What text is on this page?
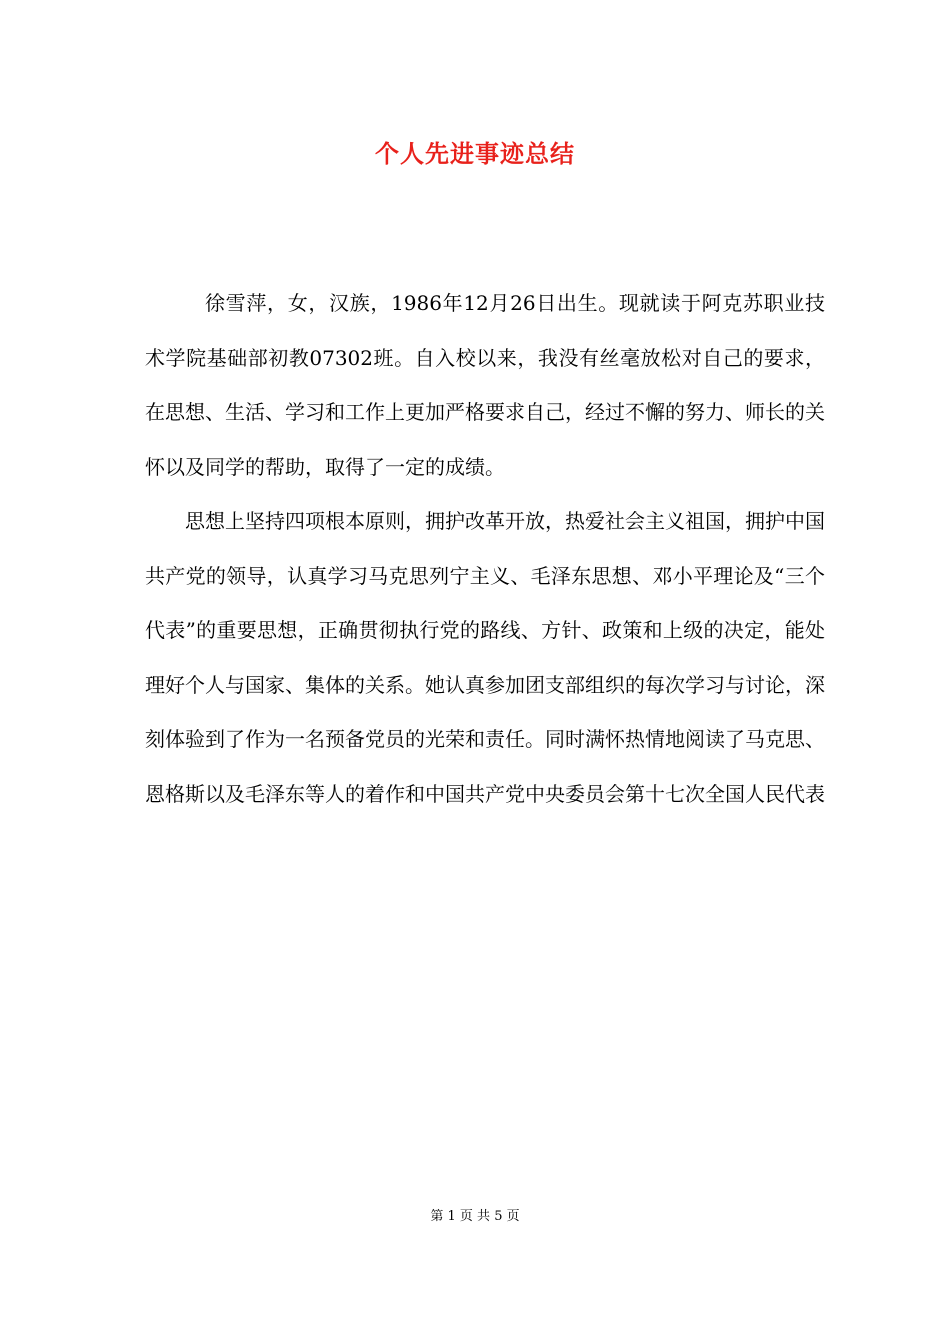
个人先进事迹总结

徐雪萍，女，汉族，1986年12月26日出生。现就读于阿克苏职业技术学院基础部初教07302班。自入校以来，我没有丝毫放松对自己的要求，在思想、生活、学习和工作上更加严格要求自己，经过不懈的努力、师长的关怀以及同学的帮助，取得了一定的成绩。

思想上坚持四项根本原则，拥护改革开放，热爱社会主义祖国，拥护中国共产党的领导，认真学习马克思列宁主义、毛泽东思想、邓小平理论及“三个代表”的重要思想，正确贯彻执行党的路线、方针、政策和上级的决定，能处理好个人与国家、集体的关系。她认真参加团支部组织的每次学习与讨论，深刻体验到了作为一名预备党员的光荣和责任。同时满怀热情地阅读了马克思、恩格斯以及毛泽东等人的着作和中国共产党中央委员会第十七次全国人民代表

第 1 页 共 5 页
